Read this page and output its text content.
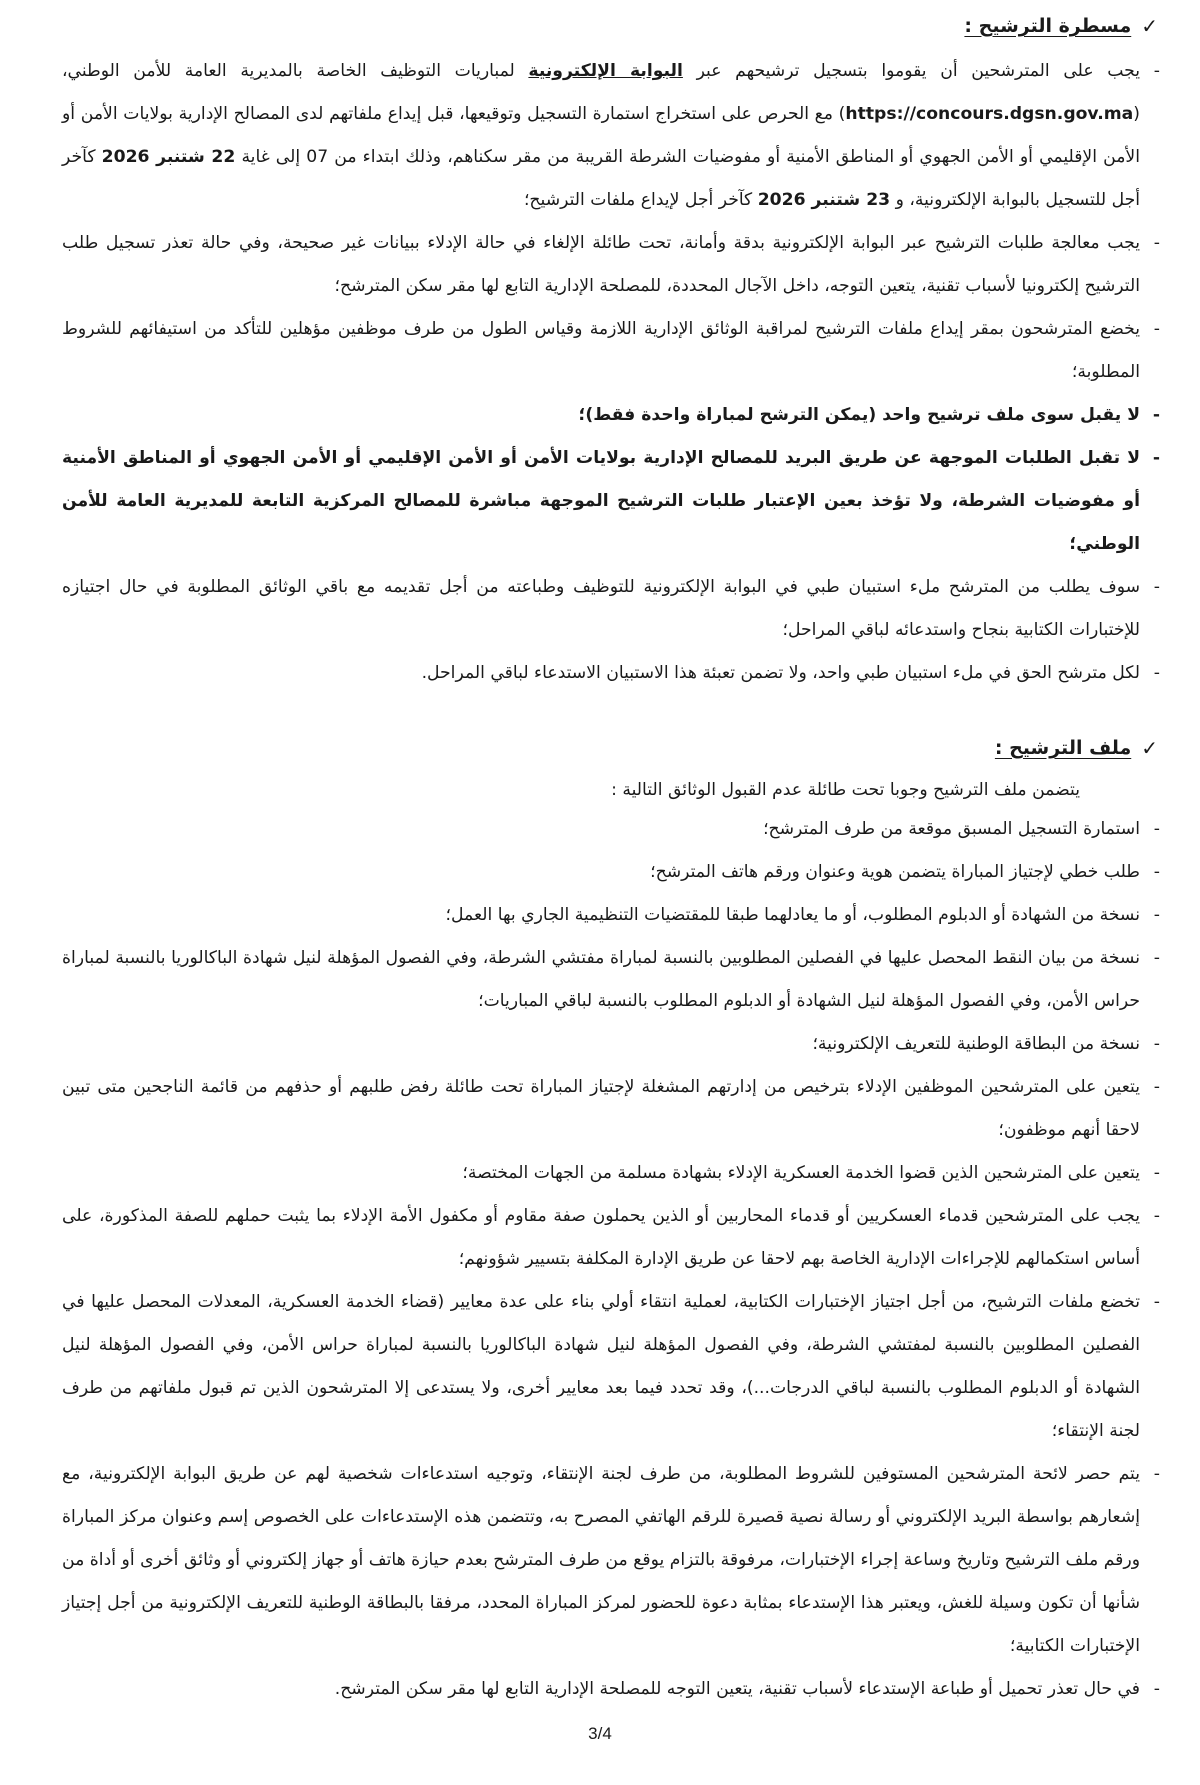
✓
مسطرة الترشيح :
-
يجب على المترشحين أن يقوموا بتسجيل ترشيحهم عبر البوابة الإلكترونية لمباريات التوظيف الخاصة بالمديرية العامة للأمن الوطني، (https://concours.dgsn.gov.ma) مع الحرص على استخراج استمارة التسجيل وتوقيعها، قبل إيداع ملفاتهم لدى المصالح الإدارية بولايات الأمن أو الأمن الإقليمي أو الأمن الجهوي أو المناطق الأمنية أو مفوضيات الشرطة القريبة من مقر سكناهم، وذلك ابتداء من 07 إلى غاية 22 شتنبر 2026 كآخر أجل للتسجيل بالبوابة الإلكترونية، و 23 شتنبر 2026 كآخر أجل لإيداع ملفات الترشيح؛
-
يجب معالجة طلبات الترشيح عبر البوابة الإلكترونية بدقة وأمانة، تحت طائلة الإلغاء في حالة الإدلاء ببيانات غير صحيحة، وفي حالة تعذر تسجيل طلب الترشيح إلكترونيا لأسباب تقنية، يتعين التوجه، داخل الآجال المحددة، للمصلحة الإدارية التابع لها مقر سكن المترشح؛
-
يخضع المترشحون بمقر إيداع ملفات الترشيح لمراقبة الوثائق الإدارية اللازمة وقياس الطول من طرف موظفين مؤهلين للتأكد من استيفائهم للشروط المطلوبة؛
-
لا يقبل سوى ملف ترشيح واحد (يمكن الترشح لمباراة واحدة فقط)؛
-
لا تقبل الطلبات الموجهة عن طريق البريد للمصالح الإدارية بولايات الأمن أو الأمن الإقليمي أو الأمن الجهوي أو المناطق الأمنية أو مفوضيات الشرطة، ولا تؤخذ بعين الإعتبار طلبات الترشيح الموجهة مباشرة للمصالح المركزية التابعة للمديرية العامة للأمن الوطني؛
-
سوف يطلب من المترشح ملء استبيان طبي في البوابة الإلكترونية للتوظيف وطباعته من أجل تقديمه مع باقي الوثائق المطلوبة في حال اجتيازه للإختبارات الكتابية بنجاح واستدعائه لباقي المراحل؛
-
لكل مترشح الحق في ملء استبيان طبي واحد، ولا تضمن تعبئة هذا الاستبيان الاستدعاء لباقي المراحل.
✓
ملف الترشيح :
يتضمن ملف الترشيح وجوبا تحت طائلة عدم القبول الوثائق التالية :
-
استمارة التسجيل المسبق موقعة من طرف المترشح؛
-
طلب خطي لإجتياز المباراة يتضمن هوية وعنوان ورقم هاتف المترشح؛
-
نسخة من الشهادة أو الدبلوم المطلوب، أو ما يعادلهما طبقا للمقتضيات التنظيمية الجاري بها العمل؛
-
نسخة من بيان النقط المحصل عليها في الفصلين المطلوبين بالنسبة لمباراة مفتشي الشرطة، وفي الفصول المؤهلة لنيل شهادة الباكالوريا بالنسبة لمباراة حراس الأمن، وفي الفصول المؤهلة لنيل الشهادة أو الدبلوم المطلوب بالنسبة لباقي المباريات؛
-
نسخة من البطاقة الوطنية للتعريف الإلكترونية؛
-
يتعين على المترشحين الموظفين الإدلاء بترخيص من إدارتهم المشغلة لإجتياز المباراة تحت طائلة رفض طلبهم أو حذفهم من قائمة الناجحين متى تبين لاحقا أنهم موظفون؛
-
يتعين على المترشحين الذين قضوا الخدمة العسكرية الإدلاء بشهادة مسلمة من الجهات المختصة؛
-
يجب على المترشحين قدماء العسكريين أو قدماء المحاربين أو الذين يحملون صفة مقاوم أو مكفول الأمة الإدلاء بما يثبت حملهم للصفة المذكورة، على أساس استكمالهم للإجراءات الإدارية الخاصة بهم لاحقا عن طريق الإدارة المكلفة بتسيير شؤونهم؛
-
تخضع ملفات الترشيح، من أجل اجتياز الإختبارات الكتابية، لعملية انتقاء أولي بناء على عدة معايير (قضاء الخدمة العسكرية، المعدلات المحصل عليها في الفصلين المطلوبين بالنسبة لمفتشي الشرطة، وفي الفصول المؤهلة لنيل شهادة الباكالوريا بالنسبة لمباراة حراس الأمن، وفي الفصول المؤهلة لنيل الشهادة أو الدبلوم المطلوب بالنسبة لباقي الدرجات...)، وقد تحدد فيما بعد معايير أخرى، ولا يستدعى إلا المترشحون الذين تم قبول ملفاتهم من طرف لجنة الإنتقاء؛
-
يتم حصر لائحة المترشحين المستوفين للشروط المطلوبة، من طرف لجنة الإنتقاء، وتوجيه استدعاءات شخصية لهم عن طريق البوابة الإلكترونية، مع إشعارهم بواسطة البريد الإلكتروني أو رسالة نصية قصيرة للرقم الهاتفي المصرح به، وتتضمن هذه الإستدعاءات على الخصوص إسم وعنوان مركز المباراة ورقم ملف الترشيح وتاريخ وساعة إجراء الإختبارات، مرفوقة بالتزام يوقع من طرف المترشح بعدم حيازة هاتف أو جهاز إلكتروني أو وثائق أخرى أو أداة من شأنها أن تكون وسيلة للغش، ويعتبر هذا الإستدعاء بمثابة دعوة للحضور لمركز المباراة المحدد، مرفقا بالبطاقة الوطنية للتعريف الإلكترونية من أجل إجتياز الإختبارات الكتابية؛
-
في حال تعذر تحميل أو طباعة الإستدعاء لأسباب تقنية، يتعين التوجه للمصلحة الإدارية التابع لها مقر سكن المترشح.
3/4
